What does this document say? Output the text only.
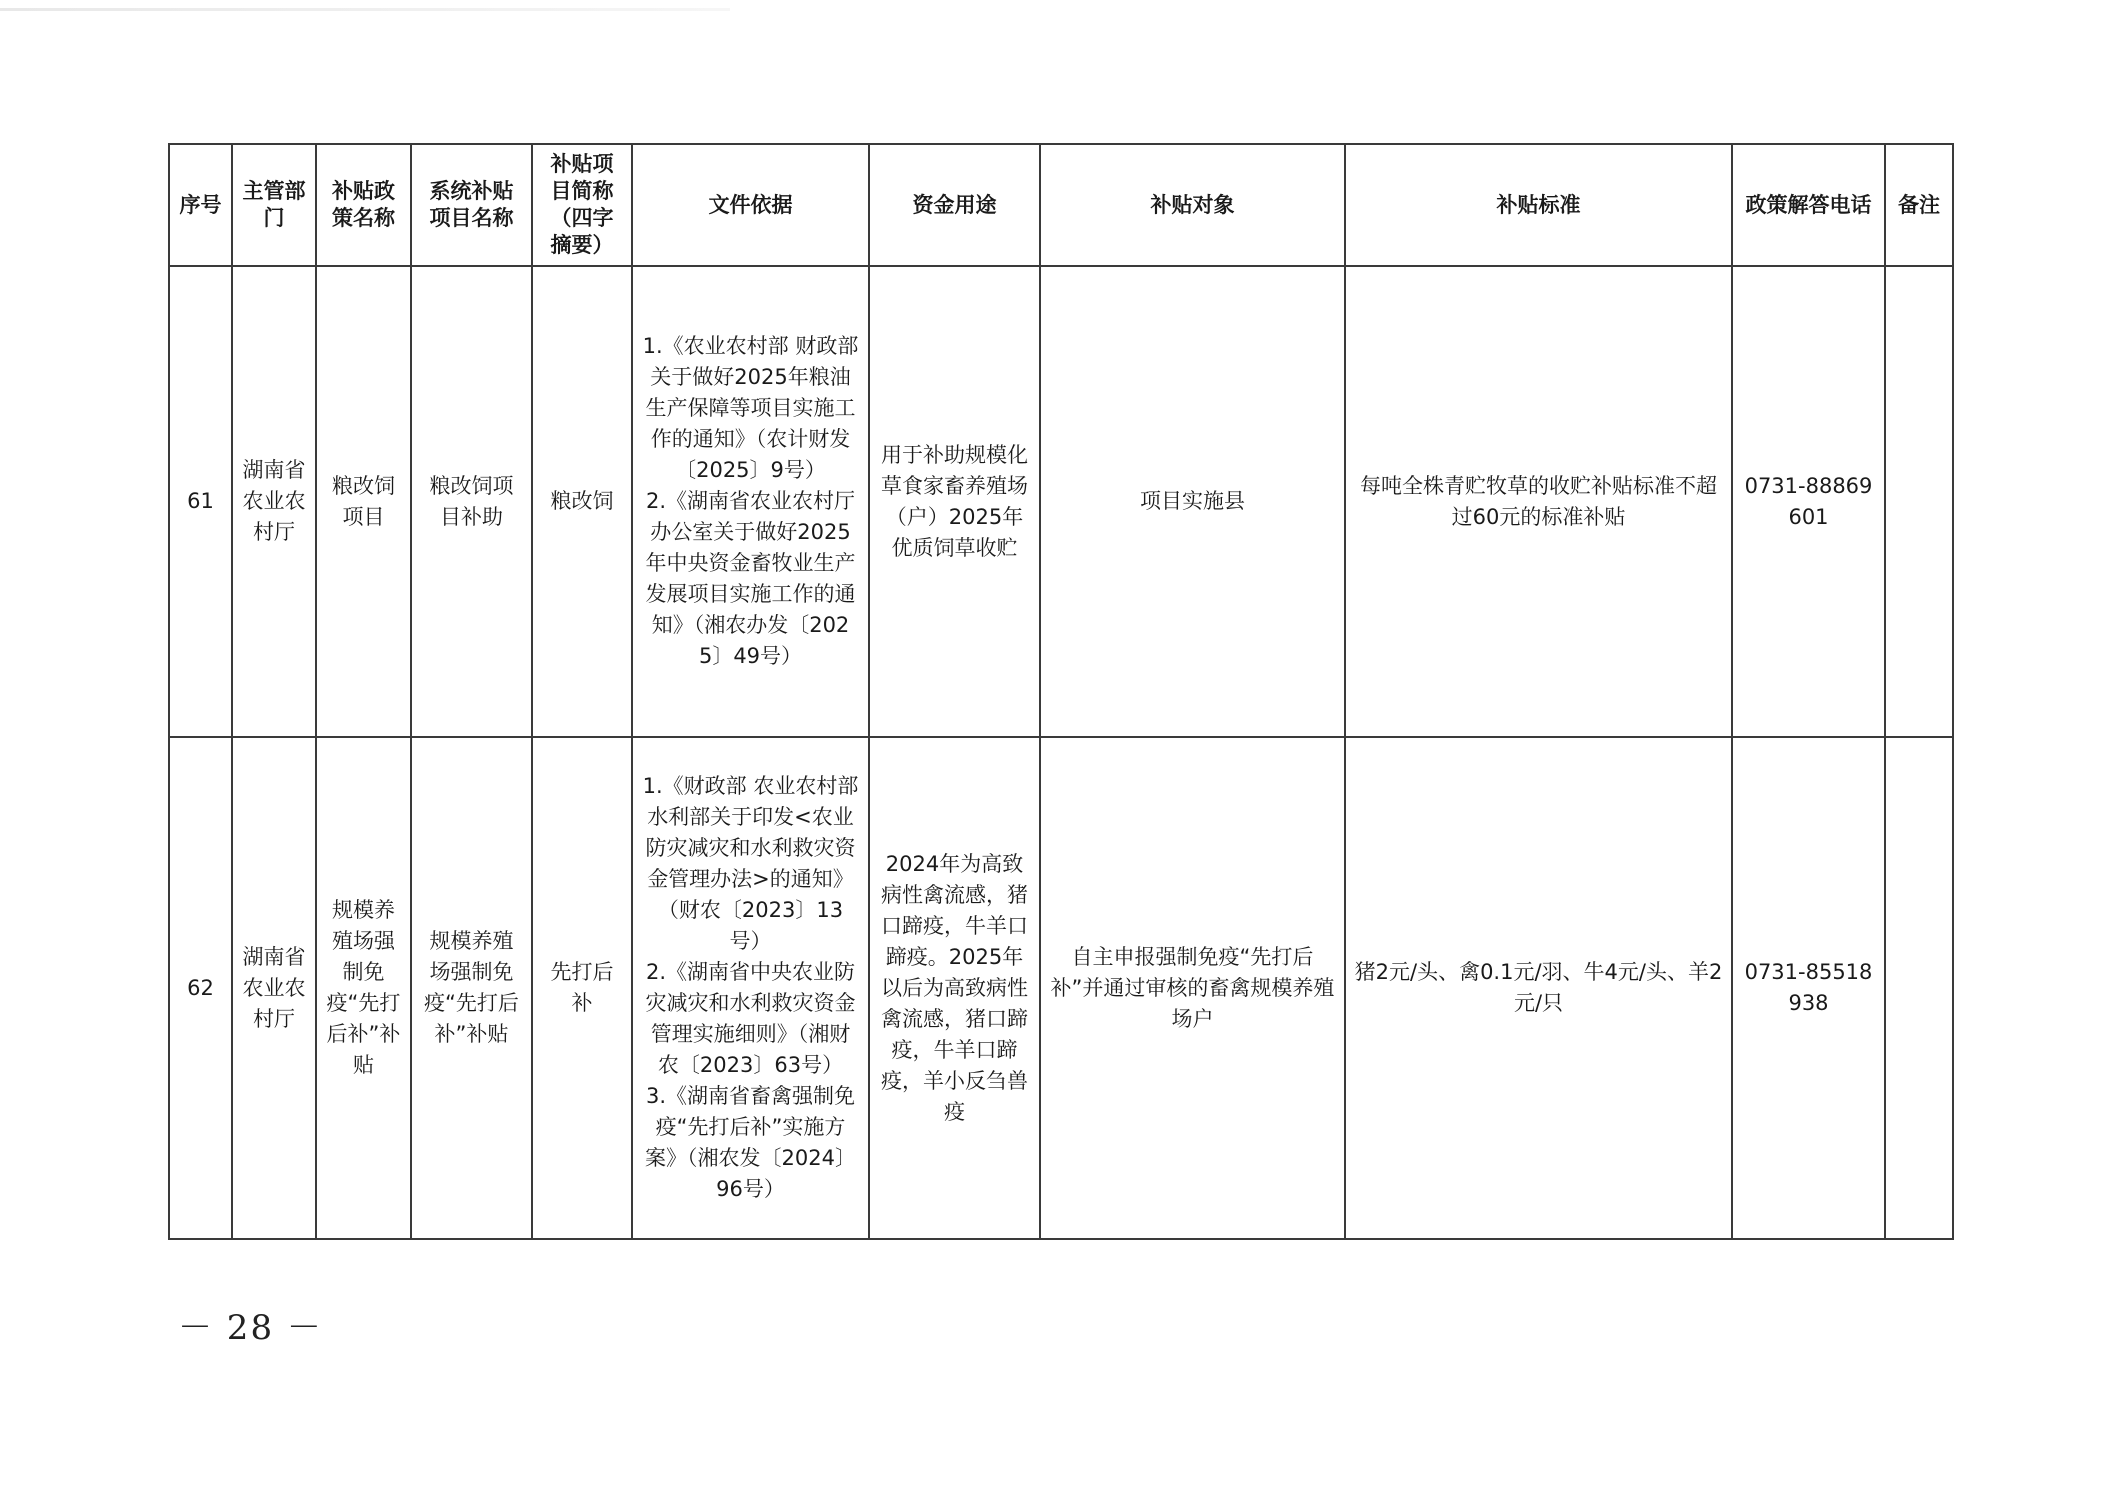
序号	主管部门	补贴政策名称	系统补贴项目名称	补贴项目简称（四字摘要）	文件依据	资金用途	补贴对象	补贴标准	政策解答电话	备注
61	湖南省农业农村厅	粮改饲项目	粮改饲项目补助	粮改饲	1.《农业农村部 财政部关于做好2025年粮油生产保障等项目实施工作的通知》（农计财发〔2025〕9号）
2.《湖南省农业农村厅办公室关于做好2025年中央资金畜牧业生产发展项目实施工作的通知》（湘农办发〔2025〕49号）	用于补助规模化草食家畜养殖场（户）2025年优质饲草收贮	项目实施县	每吨全株青贮牧草的收贮补贴标准不超过60元的标准补贴	0731-88869601	
62	湖南省农业农村厅	规模养殖场强制免疫“先打后补”补贴	规模养殖场强制免疫“先打后补”补贴	先打后补	1.《财政部 农业农村部 水利部关于印发<农业防灾减灾和水利救灾资金管理办法>的通知》（财农〔2023〕13号）
2.《湖南省中央农业防灾减灾和水利救灾资金管理实施细则》（湘财农〔2023〕63号）
3.《湖南省畜禽强制免疫“先打后补”实施方案》（湘农发〔2024〕96号）	2024年为高致病性禽流感，猪口蹄疫，牛羊口蹄疫。2025年以后为高致病性禽流感，猪口蹄疫，牛羊口蹄疫，羊小反刍兽疫	自主申报强制免疫“先打后补”并通过审核的畜禽规模养殖场户	猪2元/头、禽0.1元/羽、牛4元/头、羊2元/只	0731-85518938	
－ 28 －
